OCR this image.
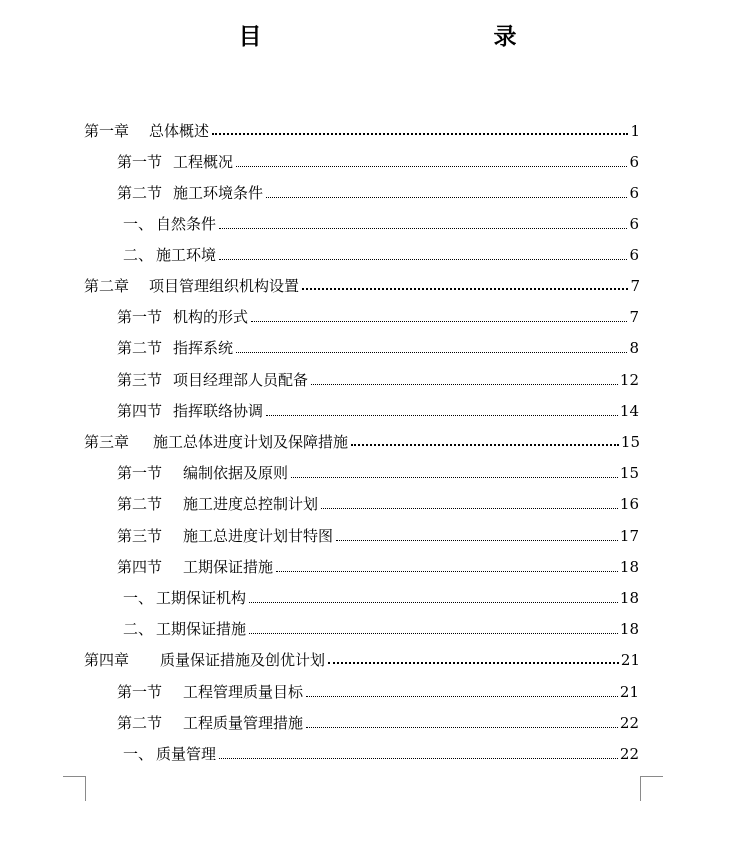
目　　录
第一章	总体概述	1
第一节 工程概况	6
第二节 施工环境条件	6
一、 自然条件	6
二、 施工环境	6
第二章	项目管理组织机构设置	7
第一节 机构的形式	7
第二节 指挥系统	8
第三节 项目经理部人员配备	12
第四节 指挥联络协调	14
第三章	施工总体进度计划及保障措施	15
第一节	编制依据及原则	15
第二节	施工进度总控制计划	16
第三节	施工总进度计划甘特图	17
第四节	工期保证措施	18
一、 工期保证机构	18
二、 工期保证措施	18
第四章	质量保证措施及创优计划	21
第一节	工程管理质量目标	21
第二节	工程质量管理措施	22
一、 质量管理	22
